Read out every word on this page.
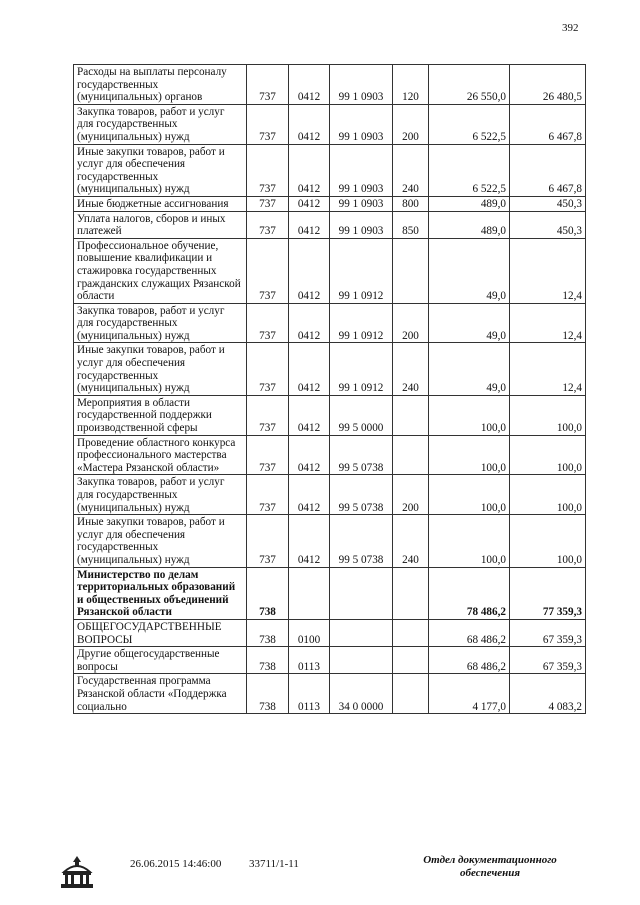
392
Расходы на выплаты персоналу государственных (муниципальных) органов	737	0412	99 1 0903	120	26 550,0	26 480,5
Закупка товаров, работ и услуг для государственных (муниципальных) нужд	737	0412	99 1 0903	200	6 522,5	6 467,8
Иные закупки товаров, работ и услуг для обеспечения государственных (муниципальных) нужд	737	0412	99 1 0903	240	6 522,5	6 467,8
Иные бюджетные ассигнования	737	0412	99 1 0903	800	489,0	450,3
Уплата налогов, сборов и иных платежей	737	0412	99 1 0903	850	489,0	450,3
Профессиональное обучение, повышение квалификации и стажировка государственных гражданских служащих Рязанской области	737	0412	99 1 0912		49,0	12,4
Закупка товаров, работ и услуг для государственных (муниципальных) нужд	737	0412	99 1 0912	200	49,0	12,4
Иные закупки товаров, работ и услуг для обеспечения государственных (муниципальных) нужд	737	0412	99 1 0912	240	49,0	12,4
Мероприятия в области государственной поддержки производственной сферы	737	0412	99 5 0000		100,0	100,0
Проведение областного конкурса профессионального мастерства «Мастера Рязанской области»	737	0412	99 5 0738		100,0	100,0
Закупка товаров, работ и услуг для государственных (муниципальных) нужд	737	0412	99 5 0738	200	100,0	100,0
Иные закупки товаров, работ и услуг для обеспечения государственных (муниципальных) нужд	737	0412	99 5 0738	240	100,0	100,0
Министерство по делам территориальных образований и общественных объединений Рязанской области	738				78 486,2	77 359,3
ОБЩЕГОСУДАРСТВЕННЫЕ ВОПРОСЫ	738	0100			68 486,2	67 359,3
Другие общегосударственные вопросы	738	0113			68 486,2	67 359,3
Государственная программа Рязанской области «Поддержка социально	738	0113	34 0 0000		4 177,0	4 083,2
26.06.2015 14:46:00	33711/1-11	Отдел документационного обеспечения
